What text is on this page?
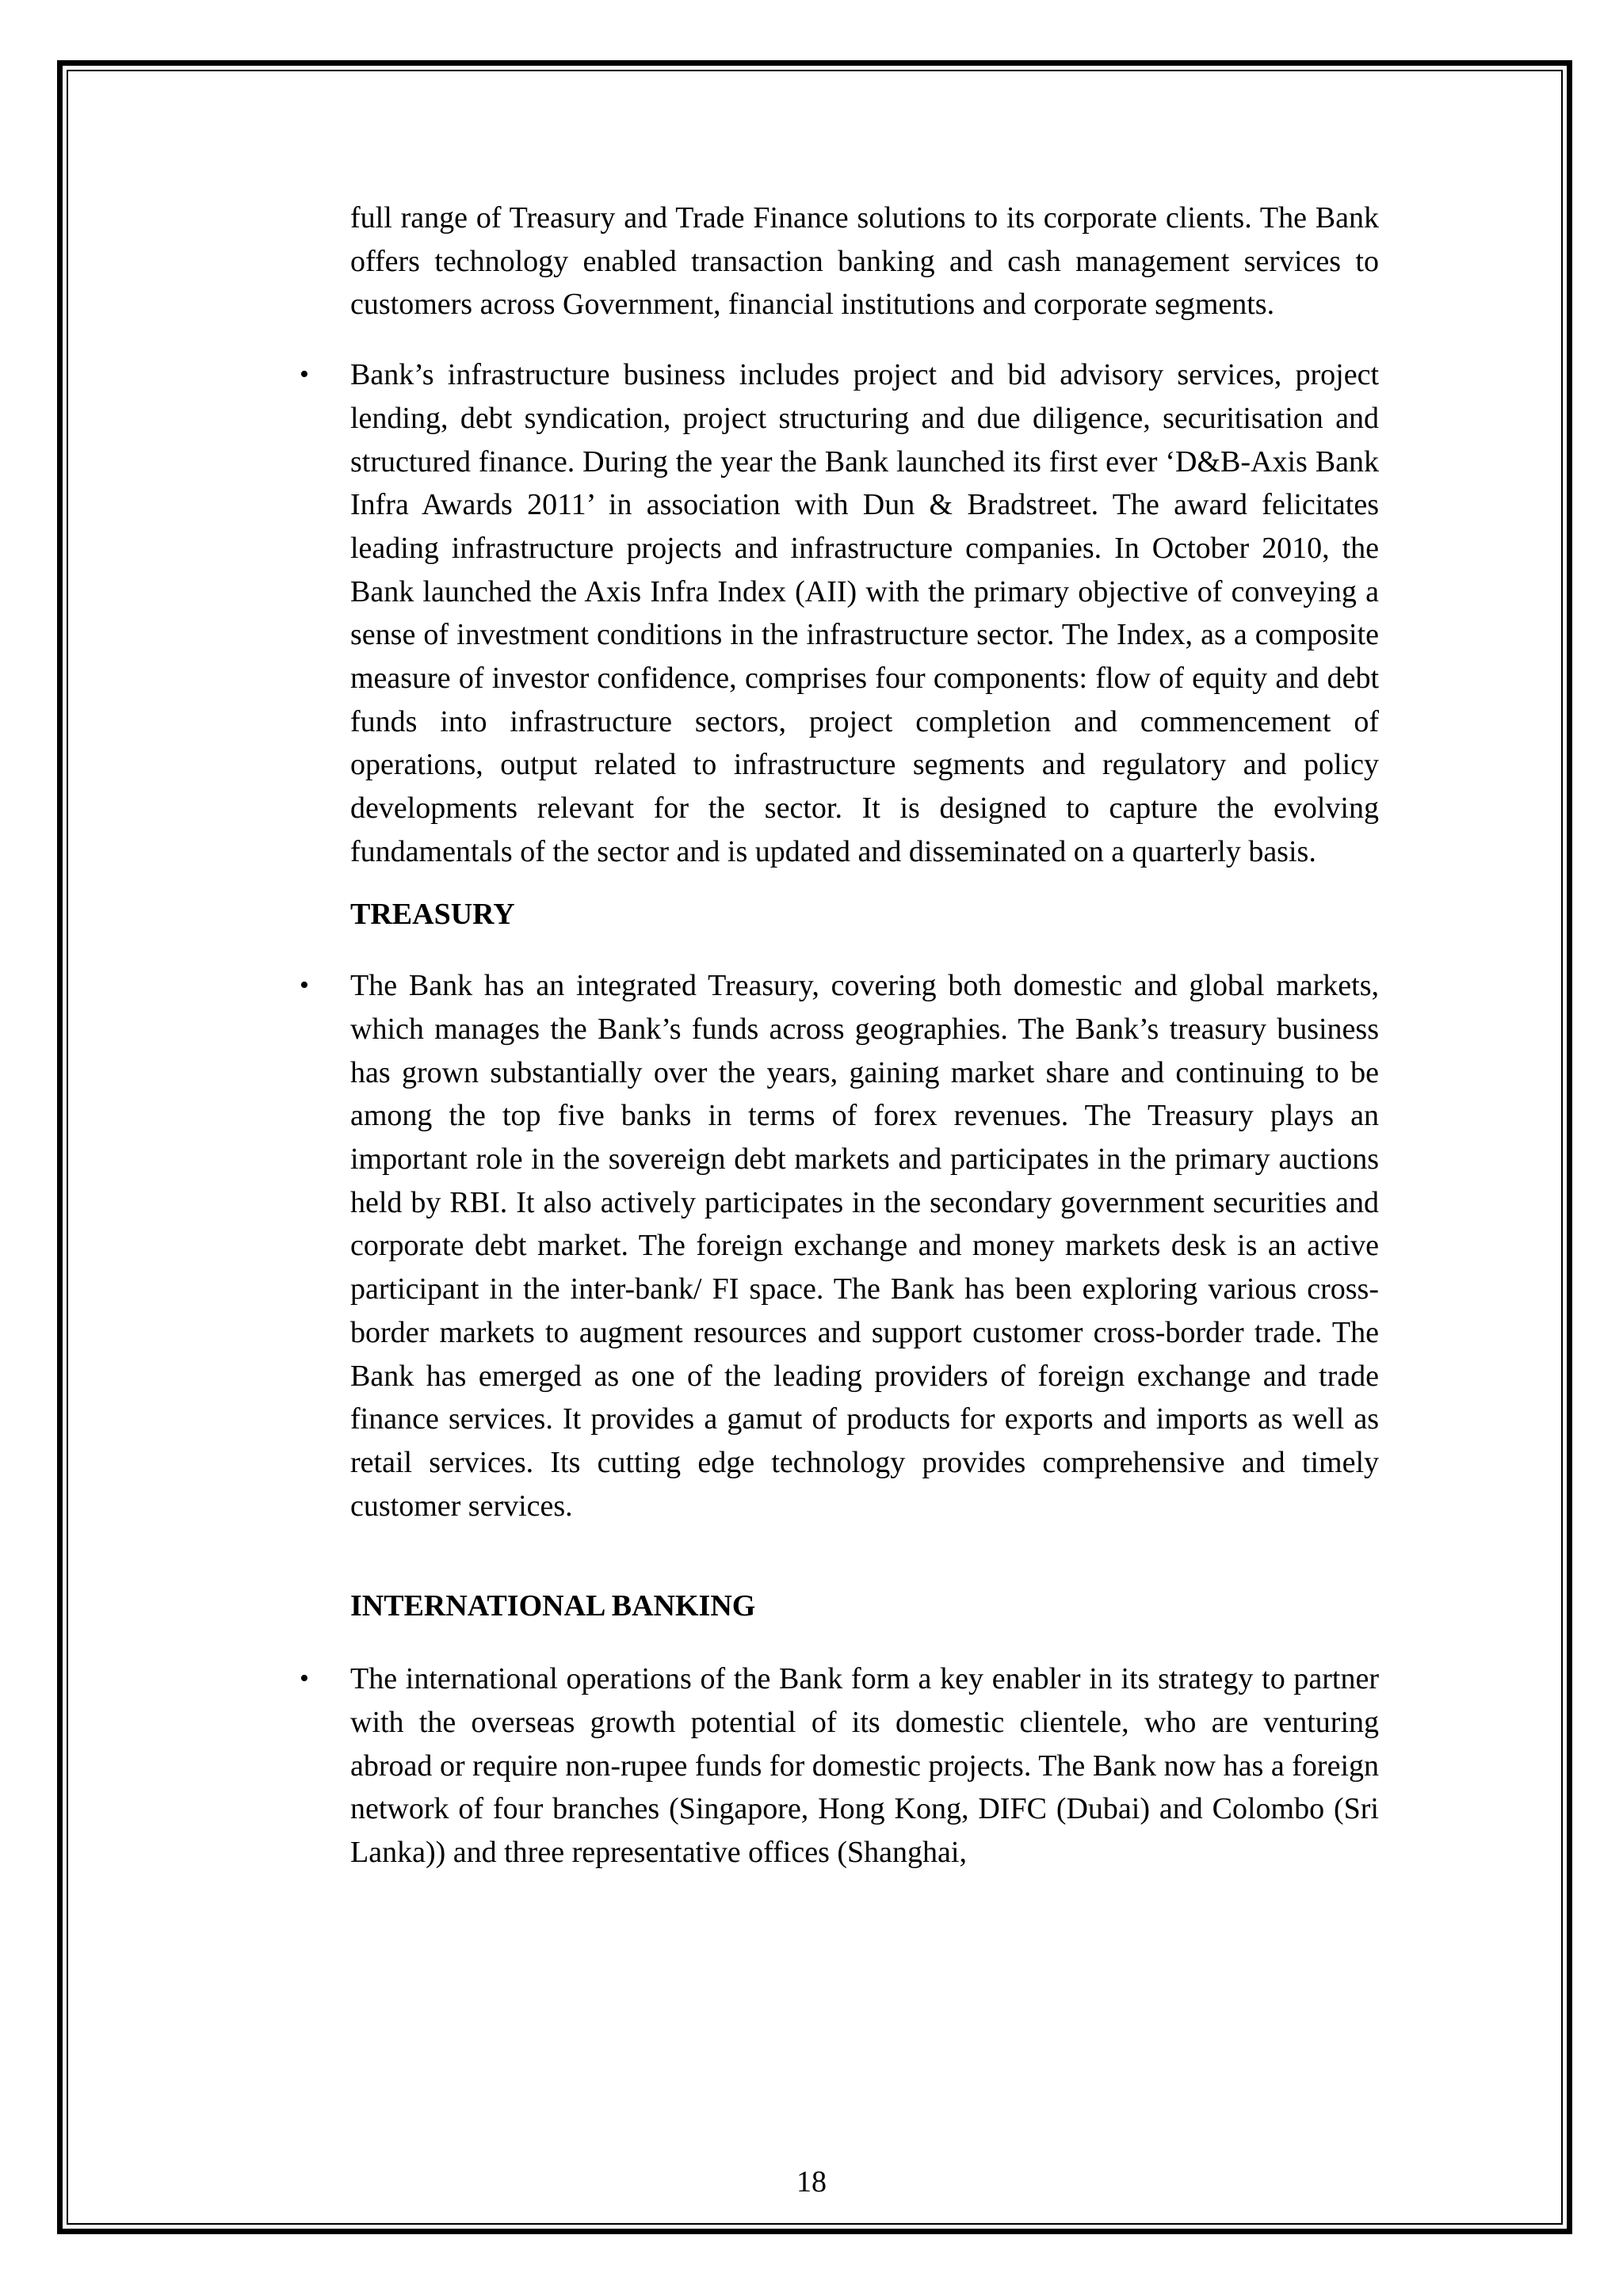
full range of Treasury and Trade Finance solutions to its corporate clients. The Bank offers technology enabled transaction banking and cash management services to customers across Government, financial institutions and corporate segments.

• Bank’s infrastructure business includes project and bid advisory services, project lending, debt syndication, project structuring and due diligence, securitisation and structured finance. During the year the Bank launched its first ever ‘D&B-Axis Bank Infra Awards 2011’ in association with Dun & Bradstreet. The award felicitates leading infrastructure projects and infrastructure companies. In October 2010, the Bank launched the Axis Infra Index (AII) with the primary objective of conveying a sense of investment conditions in the infrastructure sector. The Index, as a composite measure of investor confidence, comprises four components: flow of equity and debt funds into infrastructure sectors, project completion and commencement of operations, output related to infrastructure segments and regulatory and policy developments relevant for the sector. It is designed to capture the evolving fundamentals of the sector and is updated and disseminated on a quarterly basis.

TREASURY
• The Bank has an integrated Treasury, covering both domestic and global markets, which manages the Bank’s funds across geographies. The Bank’s treasury business has grown substantially over the years, gaining market share and continuing to be among the top five banks in terms of forex revenues. The Treasury plays an important role in the sovereign debt markets and participates in the primary auctions held by RBI. It also actively participates in the secondary government securities and corporate debt market. The foreign exchange and money markets desk is an active participant in the inter-bank/ FI space. The Bank has been exploring various cross-border markets to augment resources and support customer cross-border trade. The Bank has emerged as one of the leading providers of foreign exchange and trade finance services. It provides a gamut of products for exports and imports as well as retail services. Its cutting edge technology provides comprehensive and timely customer services.

INTERNATIONAL BANKING
• The international operations of the Bank form a key enabler in its strategy to partner with the overseas growth potential of its domestic clientele, who are venturing abroad or require non-rupee funds for domestic projects. The Bank now has a foreign network of four branches (Singapore, Hong Kong, DIFC (Dubai) and Colombo (Sri Lanka)) and three representative offices (Shanghai,

18
